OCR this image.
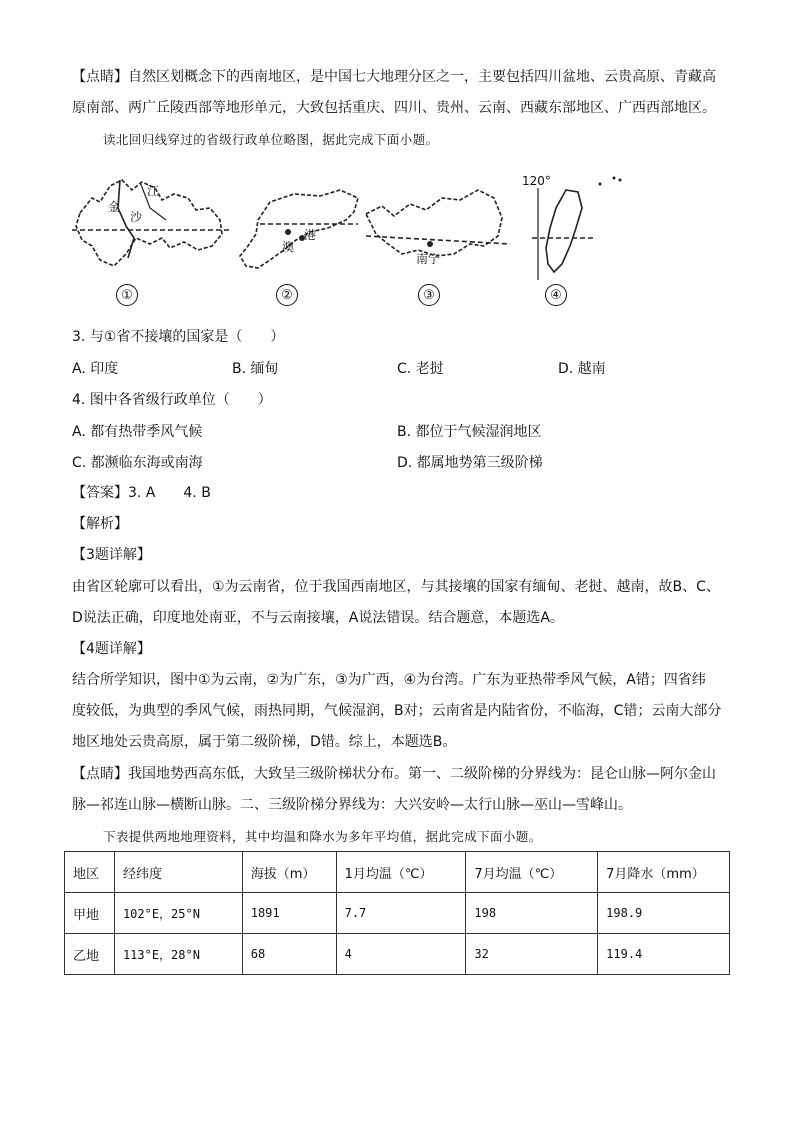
【点睛】自然区划概念下的西南地区，是中国七大地理分区之一，主要包括四川盆地、云贵高原、青藏高
原南部、两广丘陵西部等地形单元，大致包括重庆、四川、贵州、云南、西藏东部地区、广西西部地区。
读北回归线穿过的省级行政单位略图，据此完成下面小题。
江
金
沙
澳
港
南宁
120°
①	②	③	④
3. 与①省不接壤的国家是（　　）
A. 印度	B. 缅甸	C. 老挝	D. 越南
4. 图中各省级行政单位（　　）
A. 都有热带季风气候	B. 都位于气候湿润地区
C. 都濒临东海或南海	D. 都属地势第三级阶梯
【答案】3. A　　4. B
【解析】
【3题详解】
由省区轮廓可以看出，①为云南省，位于我国西南地区，与其接壤的国家有缅甸、老挝、越南，故B、C、
D说法正确，印度地处南亚，不与云南接壤，A说法错误。结合题意，本题选A。
【4题详解】
结合所学知识，图中①为云南，②为广东，③为广西，④为台湾。广东为亚热带季风气候，A错；四省纬
度较低，为典型的季风气候，雨热同期，气候湿润，B对；云南省是内陆省份，不临海，C错；云南大部分
地区地处云贵高原，属于第二级阶梯，D错。综上，本题选B。
【点睛】我国地势西高东低，大致呈三级阶梯状分布。第一、二级阶梯的分界线为：昆仑山脉—阿尔金山
脉—祁连山脉—横断山脉。二、三级阶梯分界线为：大兴安岭—太行山脉—巫山—雪峰山。
下表提供两地地理资料，其中均温和降水为多年平均值，据此完成下面小题。
地区	经纬度	海拔（m）	1月均温（℃）	7月均温（℃）	7月降水（mm）
甲地	102°E，25°N	1891	7.7	198	198.9
乙地	113°E，28°N	68	4	32	119.4
